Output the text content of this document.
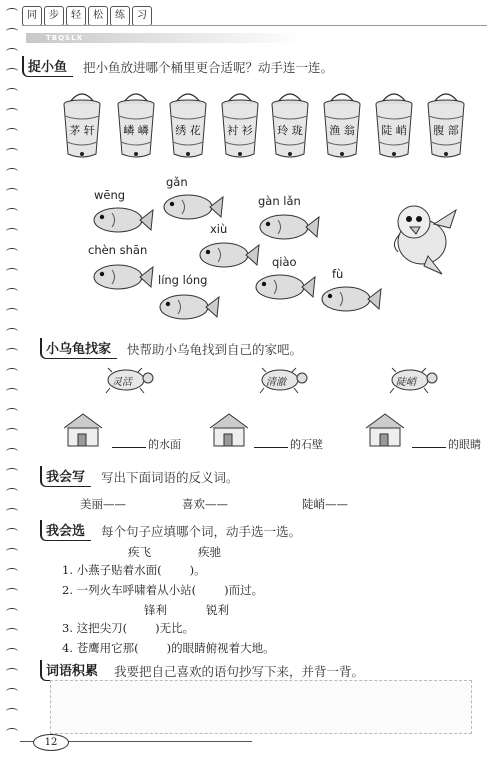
同	步	轻	松	练	习
TBQSLX
捉小鱼	把小鱼放进哪个桶里更合适呢？动手连一连。
茅 轩	嶙 嶙	绣 花	衬 衫	玲 珑	渔 翁	陡 峭	腹 部
wēng
gǎn
gàn lǎn
xiù
chèn shān
líng lóng
qiào
fù
小乌龟找家	快帮助小乌龟找到自己的家吧。
灵活	清澈	陡峭
的水面	的石壁	的眼睛
我会写	写出下面词语的反义词。
美丽——	喜欢——	陡峭——
我会选	每个句子应填哪个词，动手选一选。
疾飞	疾驰
1. 小燕子贴着水面( )。
2. 一列火车呼啸着从小站( )而过。
锋利	锐利
3. 这把尖刀( )无比。
4. 苍鹰用它那( )的眼睛俯视着大地。
词语积累	我要把自己喜欢的语句抄写下来，并背一背。
12
